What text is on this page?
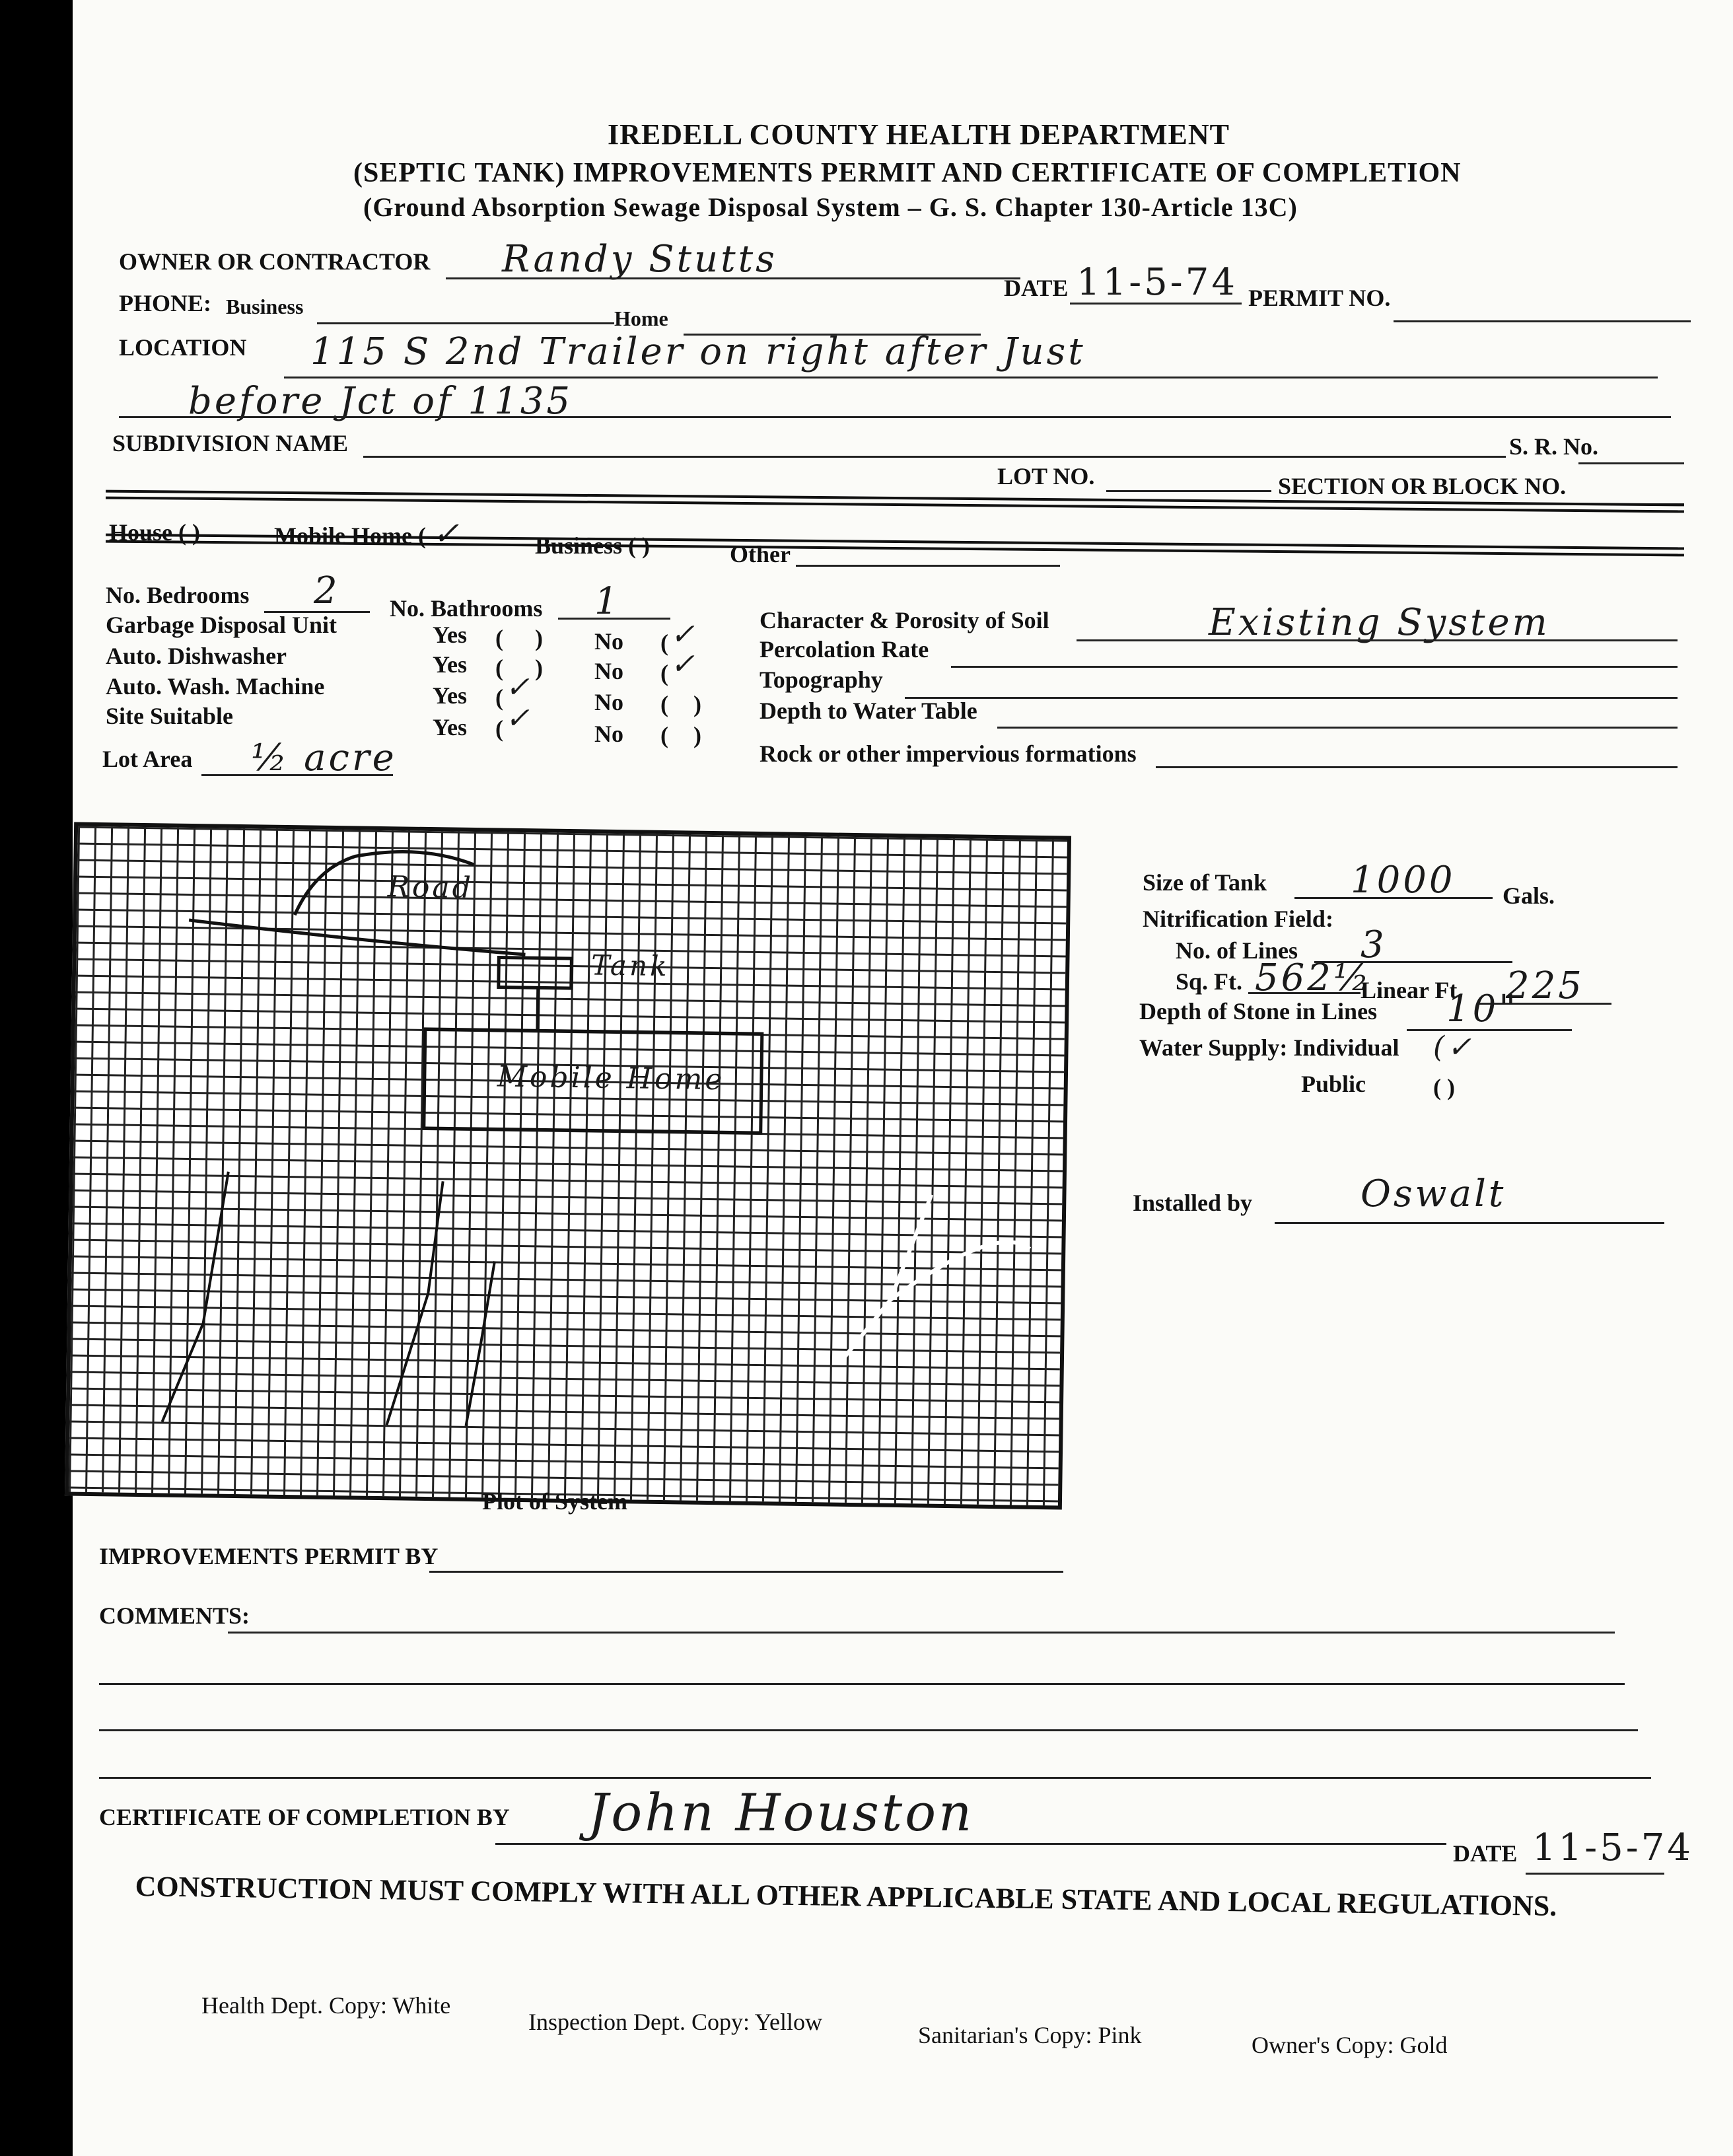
IREDELL COUNTY HEALTH DEPARTMENT
(SEPTIC TANK) IMPROVEMENTS PERMIT AND CERTIFICATE OF COMPLETION
(Ground Absorption Sewage Disposal System – G. S. Chapter 130-Article 13C)
OWNER OR CONTRACTOR Randy Stutts
DATE 11-5-74 PERMIT NO.
PHONE: Business	Home
LOCATION 115 S 2nd Trailer on right after Just
before Jct of 1135
SUBDIVISION NAME	S. R. No.
LOT NO.	SECTION OR BLOCK NO.
House ( )	Mobile Home ( ✓	Business ( )	Other
No. Bedrooms 2 No. Bathrooms 1
Garbage Disposal Unit	Yes ( ) No ( ✓
Auto. Dishwasher	Yes ( ) No ( ✓
Auto. Wash. Machine	Yes ( ✓	No ( )
Site Suitable	Yes ( ✓	No ( )
Lot Area ½ acre
Character & Porosity of Soil	Existing System
Percolation Rate
Topography
Depth to Water Table
Rock or other impervious formations
Road
Tank
Mobile Home
Plot of System
Size of Tank 1000 Gals.
Nitrification Field:
No. of Lines 3
Sq. Ft. 562½
Linear Ft. 225
Depth of Stone in Lines 10"
Water Supply: Individual (✓
Public	( )
Installed by	Oswalt
IMPROVEMENTS PERMIT BY
COMMENTS:
CERTIFICATE OF COMPLETION BY John Houston
DATE 11-5-74
CONSTRUCTION MUST COMPLY WITH ALL OTHER APPLICABLE STATE AND LOCAL REGULATIONS.
Health Dept. Copy: White
Inspection Dept. Copy: Yellow	Sanitarian's Copy: Pink	Owner's Copy: Gold
